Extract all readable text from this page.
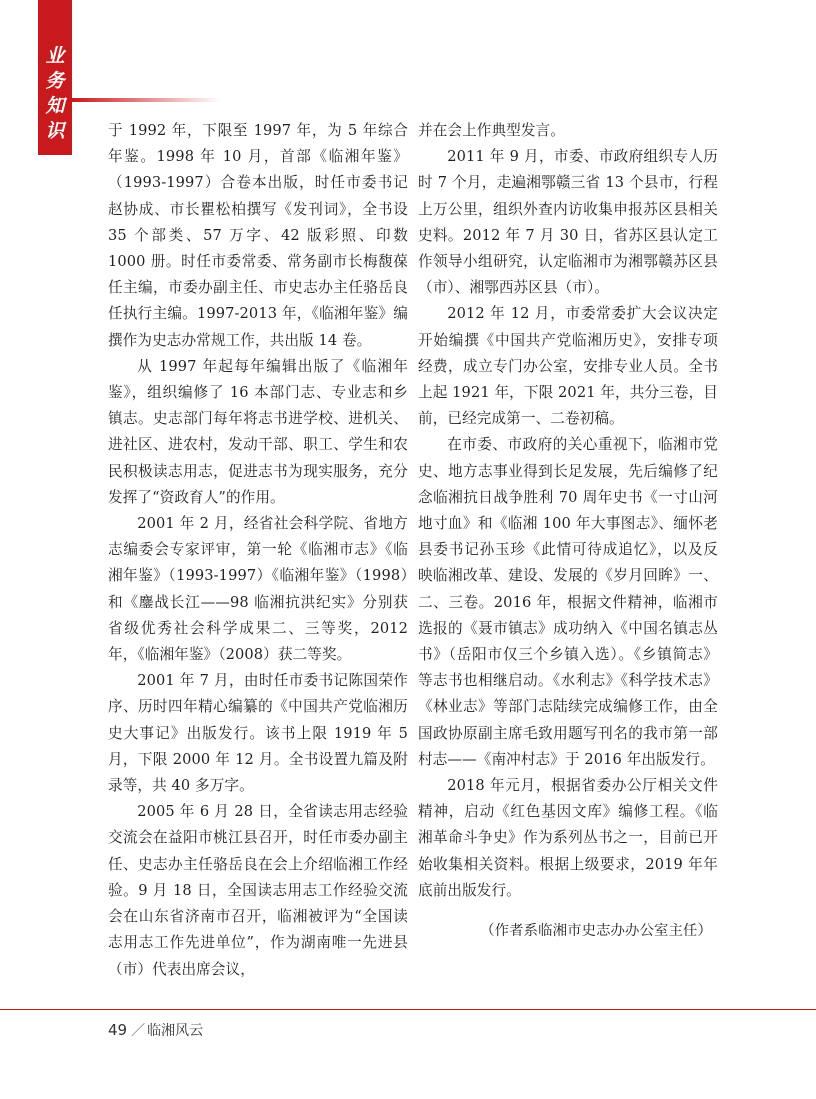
业
务
知
识	于 1992 年，下限至 1997 年，为 5 年综合年鉴。1998 年 10 月，首部《临湘年鉴》（1993-1997）合卷本出版，时任市委书记赵协成、市长瞿松柏撰写《发刊词》，全书设 35 个部类、57 万字、42 版彩照、印数 1000 册。时任市委常委、常务副市长梅馥葆任主编，市委办副主任、市史志办主任骆岳良任执行主编。1997-2013 年，《临湘年鉴》编撰作为史志办常规工作，共出版 14 卷。

从 1997 年起每年编辑出版了《临湘年鉴》，组织编修了 16 本部门志、专业志和乡镇志。史志部门每年将志书进学校、进机关、进社区、进农村，发动干部、职工、学生和农民积极读志用志，促进志书为现实服务，充分发挥了“资政育人”的作用。

2001 年 2 月，经省社会科学院、省地方志编委会专家评审，第一轮《临湘市志》《临湘年鉴》（1993-1997）《临湘年鉴》（1998）和《鏖战长江——98 临湘抗洪纪实》分别获省级优秀社会科学成果二、三等奖，2012 年，《临湘年鉴》（2008）获二等奖。

2001 年 7 月，由时任市委书记陈国荣作序、历时四年精心编纂的《中国共产党临湘历史大事记》出版发行。该书上限 1919 年 5 月，下限 2000 年 12 月。全书设置九篇及附录等，共 40 多万字。

2005 年 6 月 28 日，全省读志用志经验交流会在益阳市桃江县召开，时任市委办副主任、史志办主任骆岳良在会上介绍临湘工作经验。9 月 18 日，全国读志用志工作经验交流会在山东省济南市召开，临湘被评为“全国读志用志工作先进单位”，作为湖南唯一先进县（市）代表出席会议，

并在会上作典型发言。

2011 年 9 月，市委、市政府组织专人历时 7 个月，走遍湘鄂赣三省 13 个县市，行程上万公里，组织外查内访收集申报苏区县相关史料。2012 年 7 月 30 日，省苏区县认定工作领导小组研究，认定临湘市为湘鄂赣苏区县（市）、湘鄂西苏区县（市）。

2012 年 12 月，市委常委扩大会议决定开始编撰《中国共产党临湘历史》，安排专项经费，成立专门办公室，安排专业人员。全书上起 1921 年，下限 2021 年，共分三卷，目前，已经完成第一、二卷初稿。

在市委、市政府的关心重视下，临湘市党史、地方志事业得到长足发展，先后编修了纪念临湘抗日战争胜利 70 周年史书《一寸山河地寸血》和《临湘 100 年大事图志》、缅怀老县委书记孙玉珍《此情可待成追忆》，以及反映临湘改革、建设、发展的《岁月回眸》一、二、三卷。2016 年，根据文件精神，临湘市选报的《聂市镇志》成功纳入《中国名镇志丛书》（岳阳市仅三个乡镇入选）。《乡镇简志》等志书也相继启动。《水利志》《科学技术志》《林业志》等部门志陆续完成编修工作，由全国政协原副主席毛致用题写刊名的我市第一部村志——《南冲村志》于 2016 年出版发行。

2018 年元月，根据省委办公厅相关文件精神，启动《红色基因文库》编修工程。《临湘革命斗争史》作为系列丛书之一，目前已开始收集相关资料。根据上级要求，2019 年年底前出版发行。

（作者系临湘市史志办办公室主任）

49 ／ 临湘风云
